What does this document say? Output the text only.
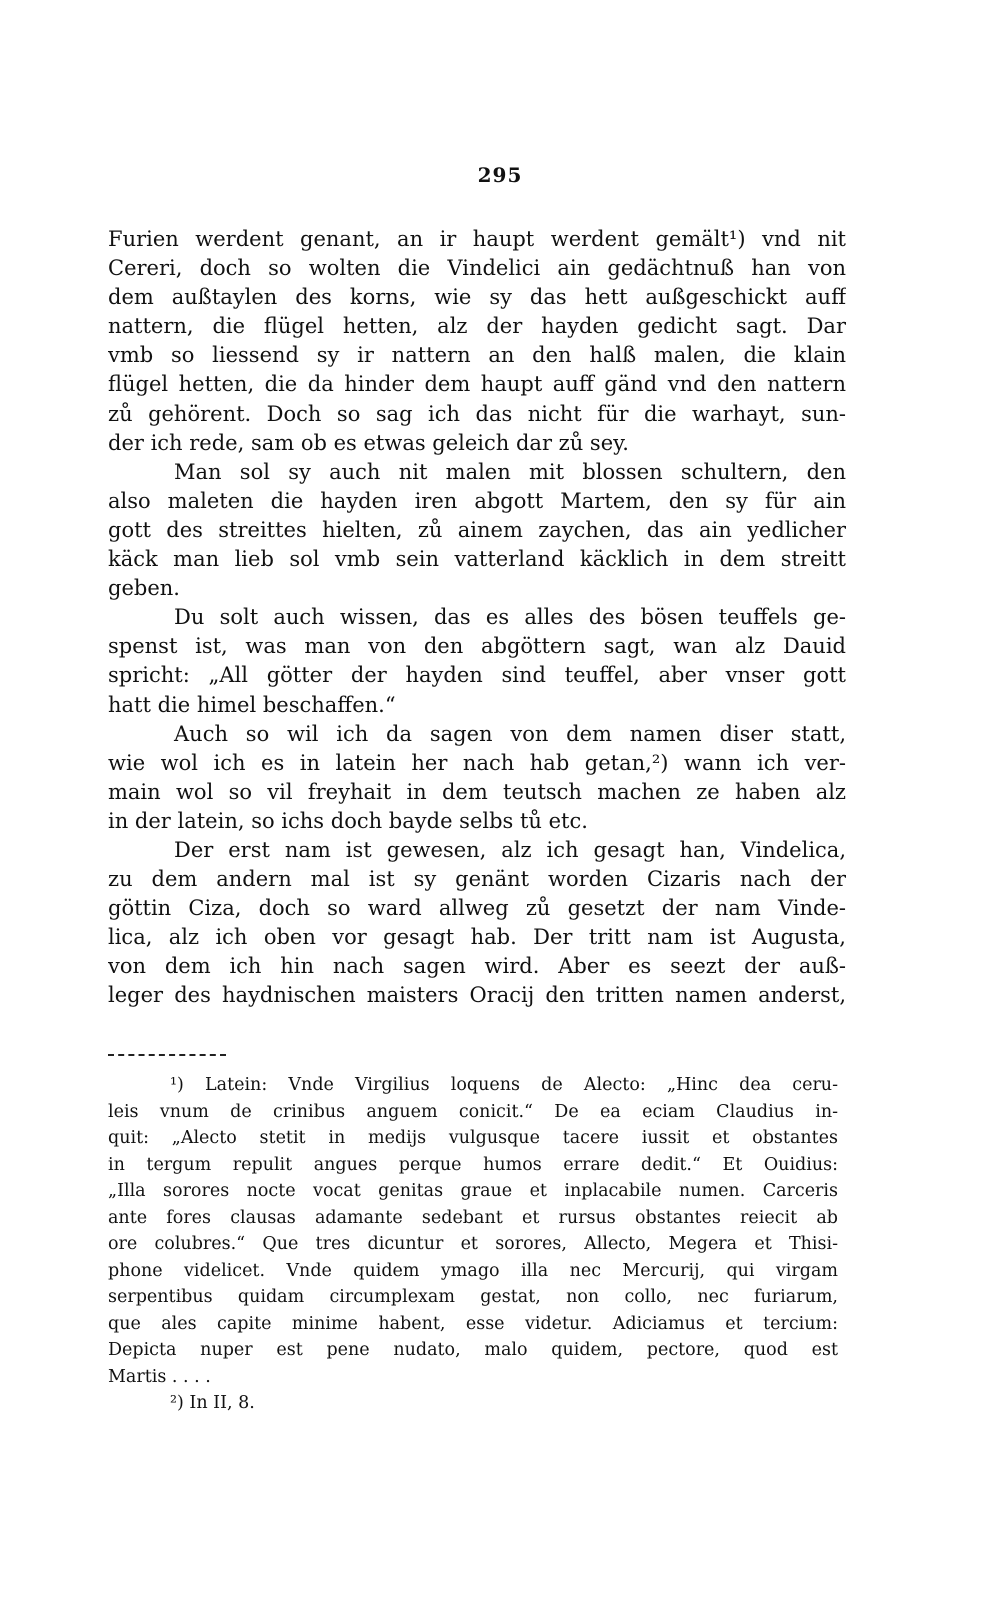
295
Furien werdent genant, an ir haupt werdent gemält¹) vnd nit
Cereri, doch so wolten die Vindelici ain gedächtnuß han von
dem außtaylen des korns, wie sy das hett außgeschickt auff
nattern, die flügel hetten, alz der hayden gedicht sagt. Dar
vmb so liessend sy ir nattern an den halß malen, die klain
flügel hetten, die da hinder dem haupt auff gänd vnd den nattern
zů gehörent. Doch so sag ich das nicht für die warhayt, sun-
der ich rede, sam ob es etwas geleich dar zů sey.
Man sol sy auch nit malen mit blossen schultern, den
also maleten die hayden iren abgott Martem, den sy für ain
gott des streittes hielten, zů ainem zaychen, das ain yedlicher
käck man lieb sol vmb sein vatterland käcklich in dem streitt
geben.
Du solt auch wissen, das es alles des bösen teuffels ge-
spenst ist, was man von den abgöttern sagt, wan alz Dauid
spricht: „All götter der hayden sind teuffel, aber vnser gott
hatt die himel beschaffen.“
Auch so wil ich da sagen von dem namen diser statt,
wie wol ich es in latein her nach hab getan,²) wann ich ver-
main wol so vil freyhait in dem teutsch machen ze haben alz
in der latein, so ichs doch bayde selbs tů etc.
Der erst nam ist gewesen, alz ich gesagt han, Vindelica,
zu dem andern mal ist sy genänt worden Cizaris nach der
göttin Ciza, doch so ward allweg zů gesetzt der nam Vinde-
lica, alz ich oben vor gesagt hab. Der tritt nam ist Augusta,
von dem ich hin nach sagen wird. Aber es seezt der auß-
leger des haydnischen maisters Oracij den tritten namen anderst,
¹) Latein: Vnde Virgilius loquens de Alecto: „Hinc dea ceru-
leis vnum de crinibus anguem conicit.“ De ea eciam Claudius in-
quit: „Alecto stetit in medijs vulgusque tacere iussit et obstantes
in tergum repulit angues perque humos errare dedit.“ Et Ouidius:
„Illa sorores nocte vocat genitas graue et inplacabile numen. Carceris
ante fores clausas adamante sedebant et rursus obstantes reiecit ab
ore colubres.“ Que tres dicuntur et sorores, Allecto, Megera et Thisi-
phone videlicet. Vnde quidem ymago illa nec Mercurij, qui virgam
serpentibus quidam circumplexam gestat, non collo, nec furiarum,
que ales capite minime habent, esse videtur. Adiciamus et tercium:
Depicta nuper est pene nudato, malo quidem, pectore, quod est
Martis . . . .
²) In II, 8.
